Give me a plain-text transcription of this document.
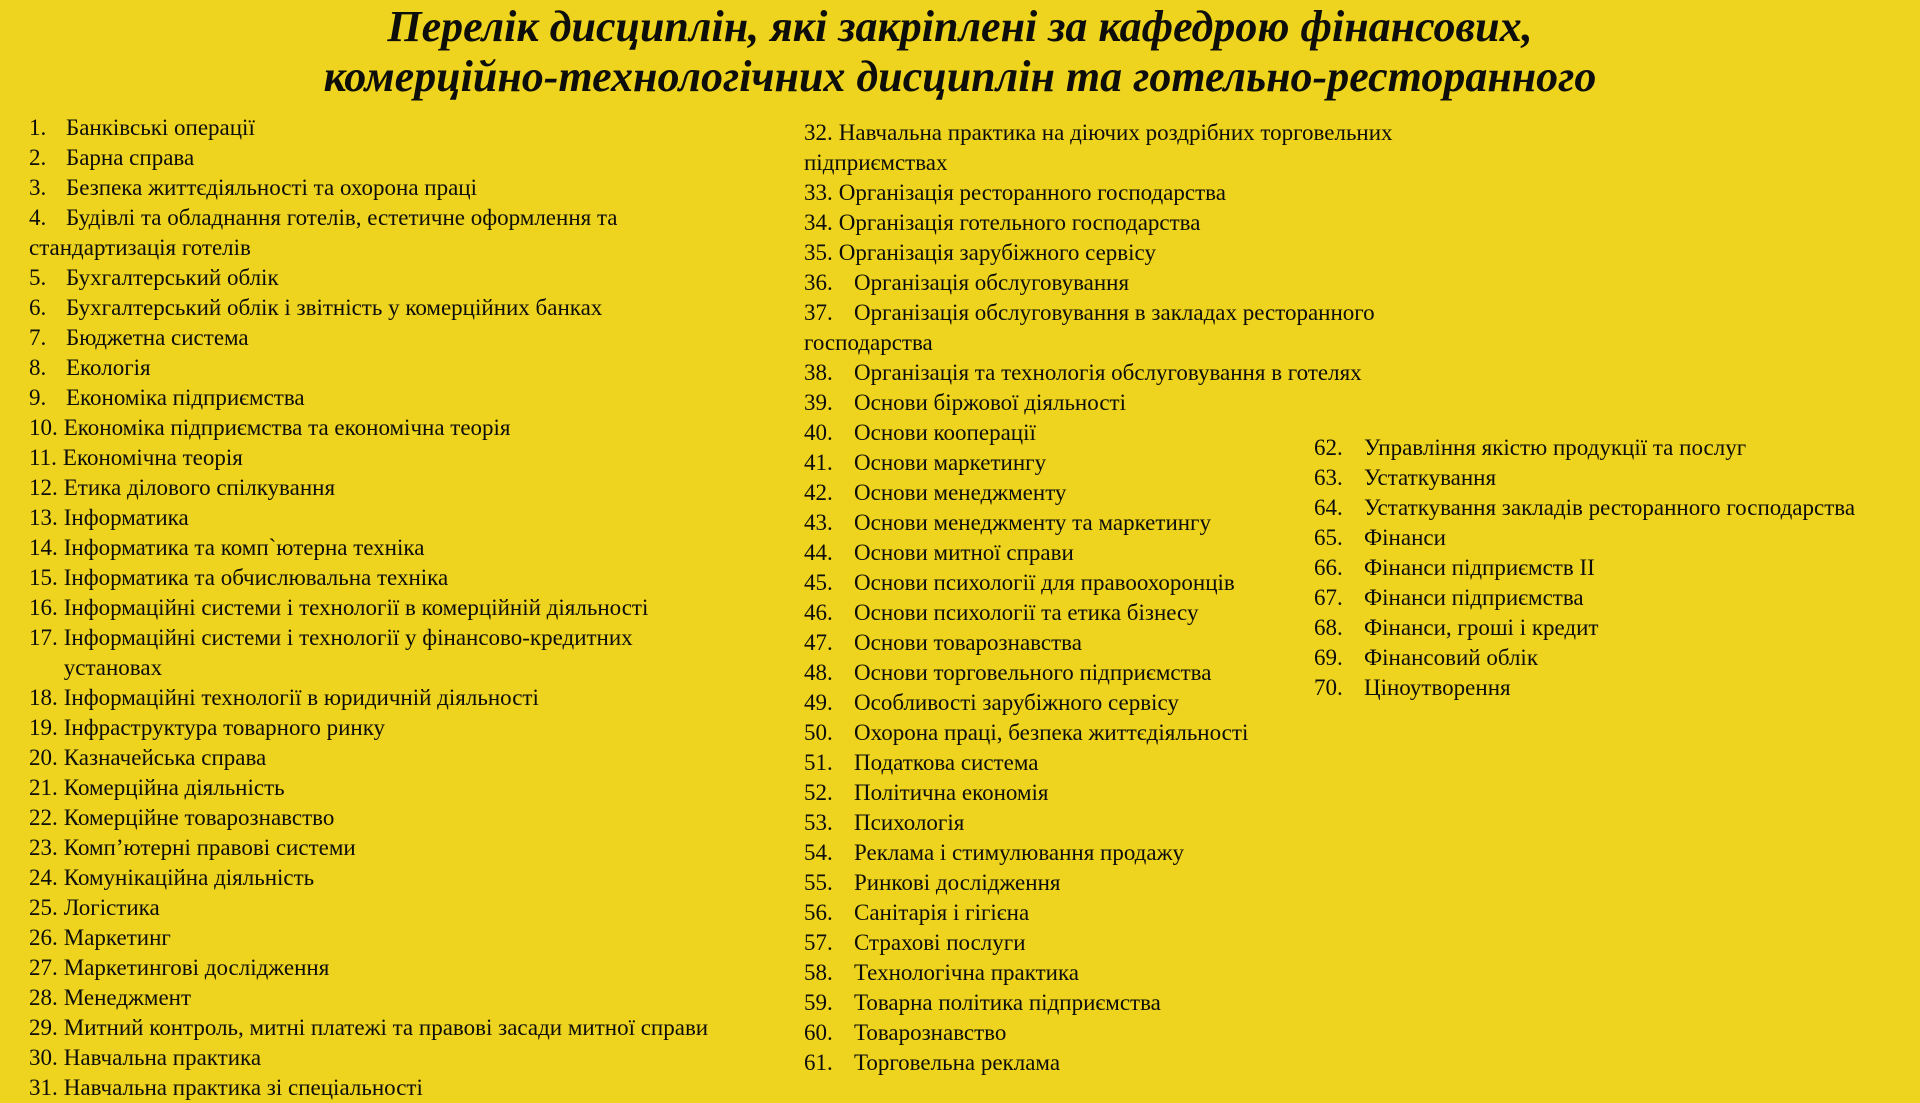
Перелік дисциплін, які закріплені за кафедрою фінансових,
комерційно-технологічних дисциплін та готельно-ресторанного
1. Банківські операції
2. Барна справа
3. Безпека життєдіяльності та охорона праці
4. Будівлі та обладнання готелів, естетичне оформлення та стандартизація готелів
5. Бухгалтерський облік
6. Бухгалтерський облік і звітність у комерційних банках
7. Бюджетна система
8. Екологія
9. Економіка підприємства
10. Економіка підприємства та економічна теорія
11. Економічна теорія
12. Етика ділового спілкування
13. Інформатика
14. Інформатика та комп`ютерна техніка
15. Інформатика та обчислювальна техніка
16. Інформаційні системи і технології в комерційній діяльності
17. Інформаційні системи і технології у фінансово-кредитних установах
18. Інформаційні технології в юридичній діяльності
19. Інфраструктура товарного ринку
20. Казначейська справа
21. Комерційна діяльність
22. Комерційне товарознавство
23. Комп’ютерні правові системи
24. Комунікаційна діяльність
25. Логістика
26. Маркетинг
27. Маркетингові дослідження
28. Менеджмент
29. Митний контроль, митні платежі та правові засади митної справи
30. Навчальна практика
31. Навчальна практика зі спеціальності
32. Навчальна практика на діючих роздрібних торговельних підприємствах
33. Організація ресторанного господарства
34. Організація готельного господарства
35. Організація зарубіжного сервісу
36. Організація обслуговування
37. Організація обслуговування в закладах ресторанного господарства
38. Організація та технологія обслуговування в готелях
39. Основи біржової діяльності
40. Основи кооперації
41. Основи маркетингу
42. Основи менеджменту
43. Основи менеджменту та маркетингу
44. Основи митної справи
45. Основи психології для правоохоронців
46. Основи психології та етика бізнесу
47. Основи товарознавства
48. Основи торговельного підприємства
49. Особливості зарубіжного сервісу
50. Охорона праці, безпека життєдіяльності
51. Податкова система
52. Політична економія
53. Психологія
54. Реклама і стимулювання продажу
55. Ринкові дослідження
56. Санітарія і гігієна
57. Страхові послуги
58. Технологічна практика
59. Товарна політика підприємства
60. Товарознавство
61. Торговельна реклама
62. Управління якістю продукції та послуг
63. Устаткування
64. Устаткування закладів ресторанного господарства
65. Фінанси
66. Фінанси підприємств II
67. Фінанси підприємства
68. Фінанси, гроші і кредит
69. Фінансовий облік
70. Ціноутворення
